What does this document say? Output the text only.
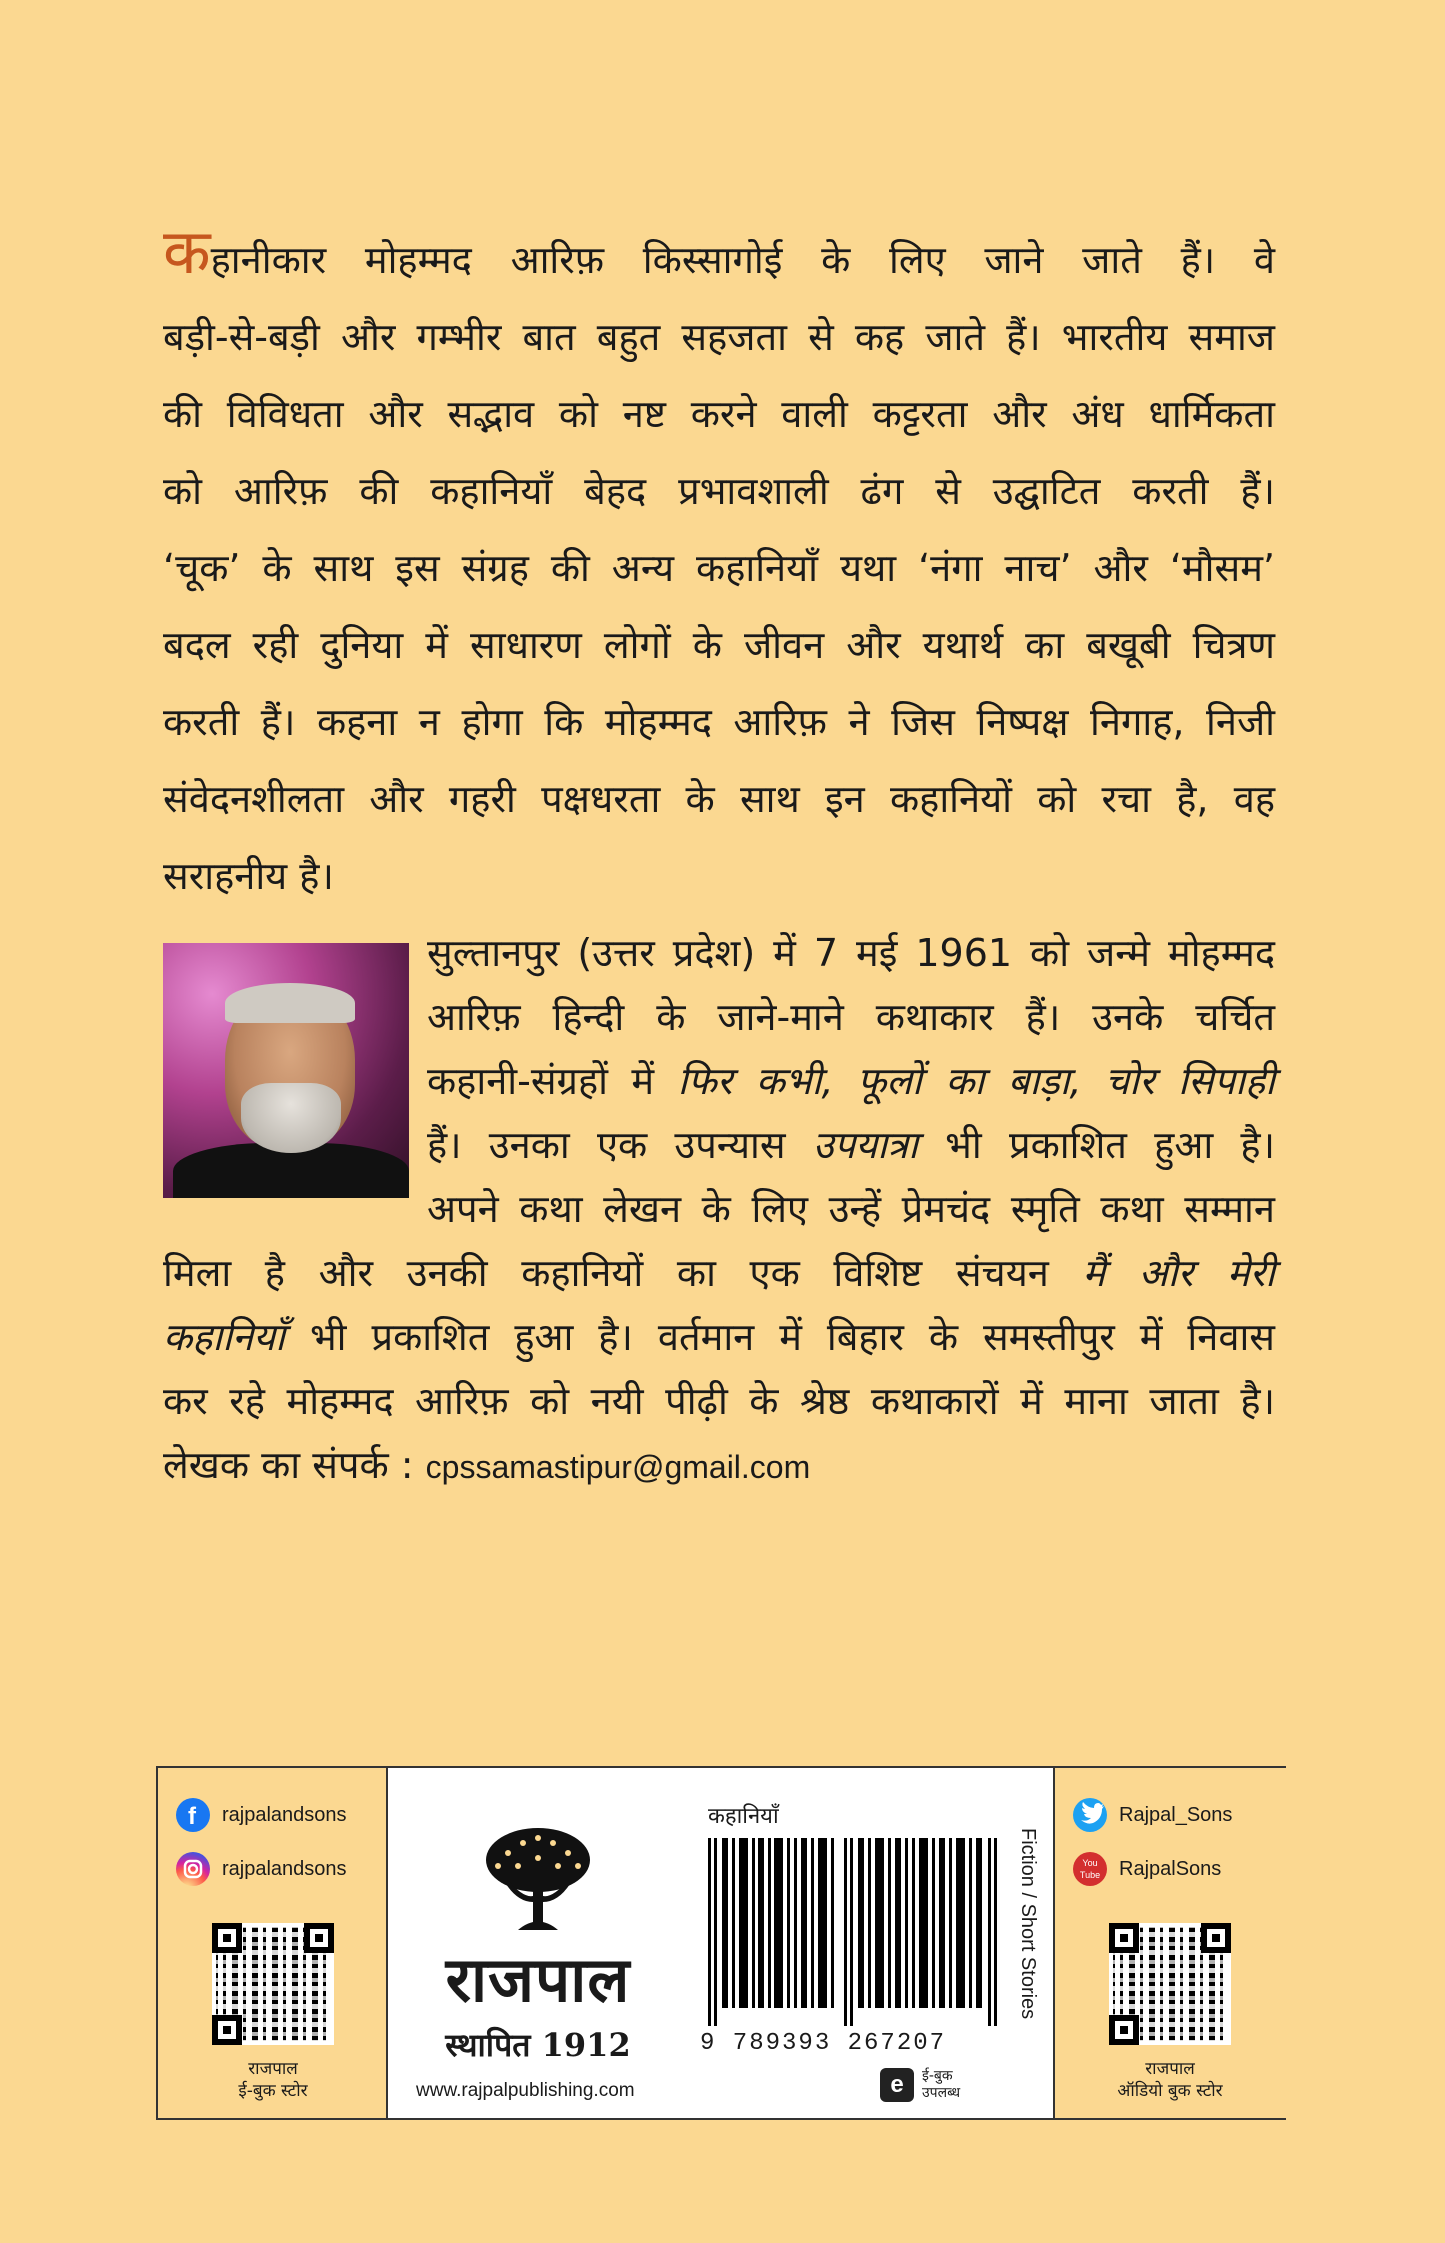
कहानीकार मोहम्मद आरिफ़ किस्सागोई के लिए जाने जाते हैं। वे
बड़ी-से-बड़ी और गम्भीर बात बहुत सहजता से कह जाते हैं। भारतीय समाज
की विविधता और सद्भाव को नष्ट करने वाली कट्टरता और अंध धार्मिकता
को आरिफ़ की कहानियाँ बेहद प्रभावशाली ढंग से उद्घाटित करती हैं।
‘चूक’ के साथ इस संग्रह की अन्य कहानियाँ यथा ‘नंगा नाच’ और ‘मौसम’
बदल रही दुनिया में साधारण लोगों के जीवन और यथार्थ का बखूबी चित्रण
करती हैं। कहना न होगा कि मोहम्मद आरिफ़ ने जिस निष्पक्ष निगाह, निजी
संवेदनशीलता और गहरी पक्षधरता के साथ इन कहानियों को रचा है, वह
सराहनीय है।
सुल्तानपुर (उत्तर प्रदेश) में 7 मई 1961 को जन्मे मोहम्मद
आरिफ़ हिन्दी के जाने-माने कथाकार हैं। उनके चर्चित
कहानी-संग्रहों में फिर कभी, फूलों का बाड़ा, चोर सिपाही
हैं। उनका एक उपन्यास उपयात्रा भी प्रकाशित हुआ है।
अपने कथा लेखन के लिए उन्हें प्रेमचंद स्मृति कथा सम्मान
मिला है और उनकी कहानियों का एक विशिष्ट संचयन मैं और मेरी
कहानियाँ भी प्रकाशित हुआ है। वर्तमान में बिहार के समस्तीपुर में निवास
कर रहे मोहम्मद आरिफ़ को नयी पीढ़ी के श्रेष्ठ कथाकारों में माना जाता है।
लेखक का संपर्क : cpssamastipur@gmail.com
f rajpalandsons
rajpalandsons
राजपाल
ई-बुक स्टोर
राजपाल
स्थापित 1912
www.rajpalpublishing.com
कहानियाँ
9 789393 267207
Fiction / Short Stories
e	ई-बुक
उपलब्ध
Rajpal_Sons
You Tube RajpalSons
राजपाल
ऑडियो बुक स्टोर
